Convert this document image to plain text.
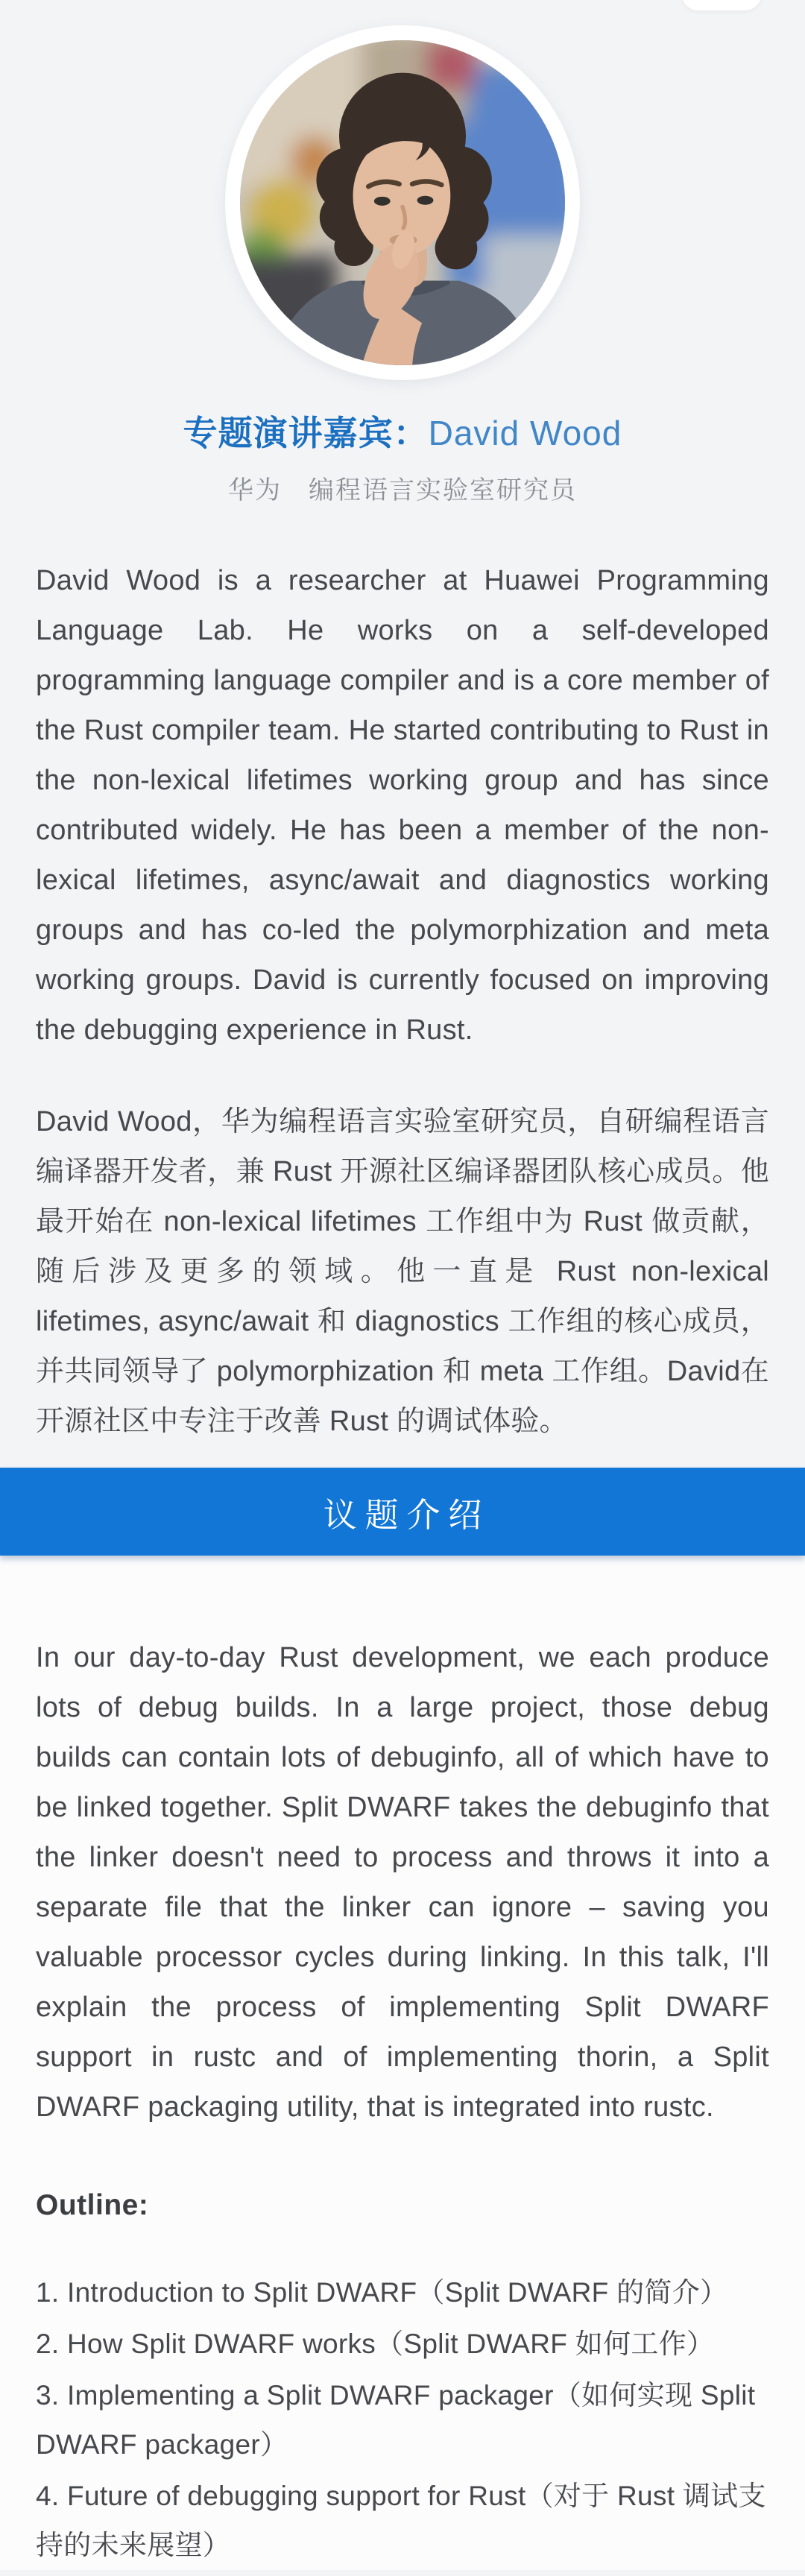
专题演讲嘉宾：David Wood
华为　编程语言实验室研究员

David Wood is a researcher at Huawei Programming Language Lab. He works on a self-developed programming language compiler and is a core member of the Rust compiler team. He started contributing to Rust in the non-lexical lifetimes working group and has since contributed widely. He has been a member of the non-lexical lifetimes, async/await and diagnostics working groups and has co-led the polymorphization and meta working groups. David is currently focused on improving the debugging experience in Rust.

David Wood，华为编程语言实验室研究员，自研编程语言编译器开发者，兼 Rust 开源社区编译器团队核心成员。他最开始在 non-lexical lifetimes 工作组中为 Rust 做贡献，随后涉及更多的领域。他一直是 Rust non-lexical lifetimes, async/await 和 diagnostics 工作组的核心成员，并共同领导了 polymorphization 和 meta 工作组。David在开源社区中专注于改善 Rust 的调试体验。

议题介绍

In our day-to-day Rust development, we each produce lots of debug builds. In a large project, those debug builds can contain lots of debuginfo, all of which have to be linked together. Split DWARF takes the debuginfo that the linker doesn't need to process and throws it into a separate file that the linker can ignore – saving you valuable processor cycles during linking. In this talk, I'll explain the process of implementing Split DWARF support in rustc and of implementing thorin, a Split DWARF packaging utility, that is integrated into rustc.

Outline:
1. Introduction to Split DWARF（Split DWARF 的简介）
2. How Split DWARF works（Split DWARF 如何工作）
3. Implementing a Split DWARF packager（如何实现 Split DWARF packager）
4. Future of debugging support for Rust（对于 Rust 调试支持的未来展望）
